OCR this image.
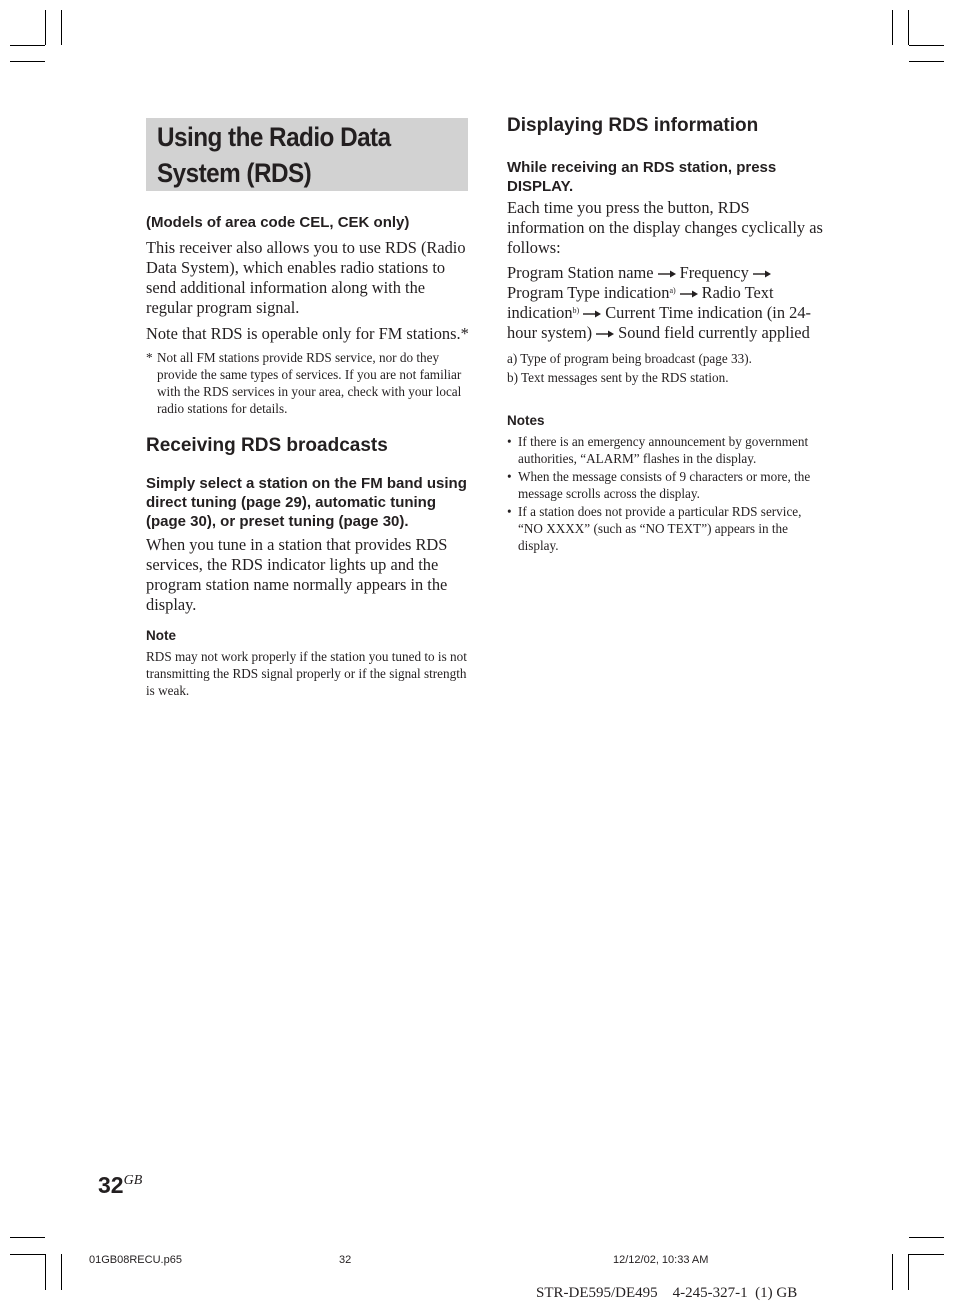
Using the Radio Data
System (RDS)
(Models of area code CEL, CEK only)

This receiver also allows you to use RDS (Radio Data System), which enables radio stations to send additional information along with the regular program signal.

Note that RDS is operable only for FM stations.*

* Not all FM stations provide RDS service, nor do they provide the same types of services. If you are not familiar with the RDS services in your area, check with your local radio stations for details.
Receiving RDS broadcasts
Simply select a station on the FM band using direct tuning (page 29), automatic tuning (page 30), or preset tuning (page 30).

When you tune in a station that provides RDS services, the RDS indicator lights up and the program station name normally appears in the display.

Note

RDS may not work properly if the station you tuned to is not transmitting the RDS signal properly or if the signal strength is weak.

Displaying RDS information
While receiving an RDS station, press DISPLAY.

Each time you press the button, RDS information on the display changes cyclically as follows:

Program Station name Frequency Program Type indication$^{a)}$ Radio Text indication$^{b)}$ Current Time indication (in 24-hour system) Sound field currently applied

a) Type of program being broadcast (page 33).

b) Text messages sent by the RDS station.

Notes

• If there is an emergency announcement by government authorities, “ALARM” flashes in the display.

• When the message consists of 9 characters or more, the message scrolls across the display.

• If a station does not provide a particular RDS service, “NO XXXX” (such as “NO TEXT”) appears in the display.

$32^{GB}$
01GB08RECU.p65	32	12/12/02, 10:33 AM
STR-DE595/DE495    4-245-327-1  (1) GB
